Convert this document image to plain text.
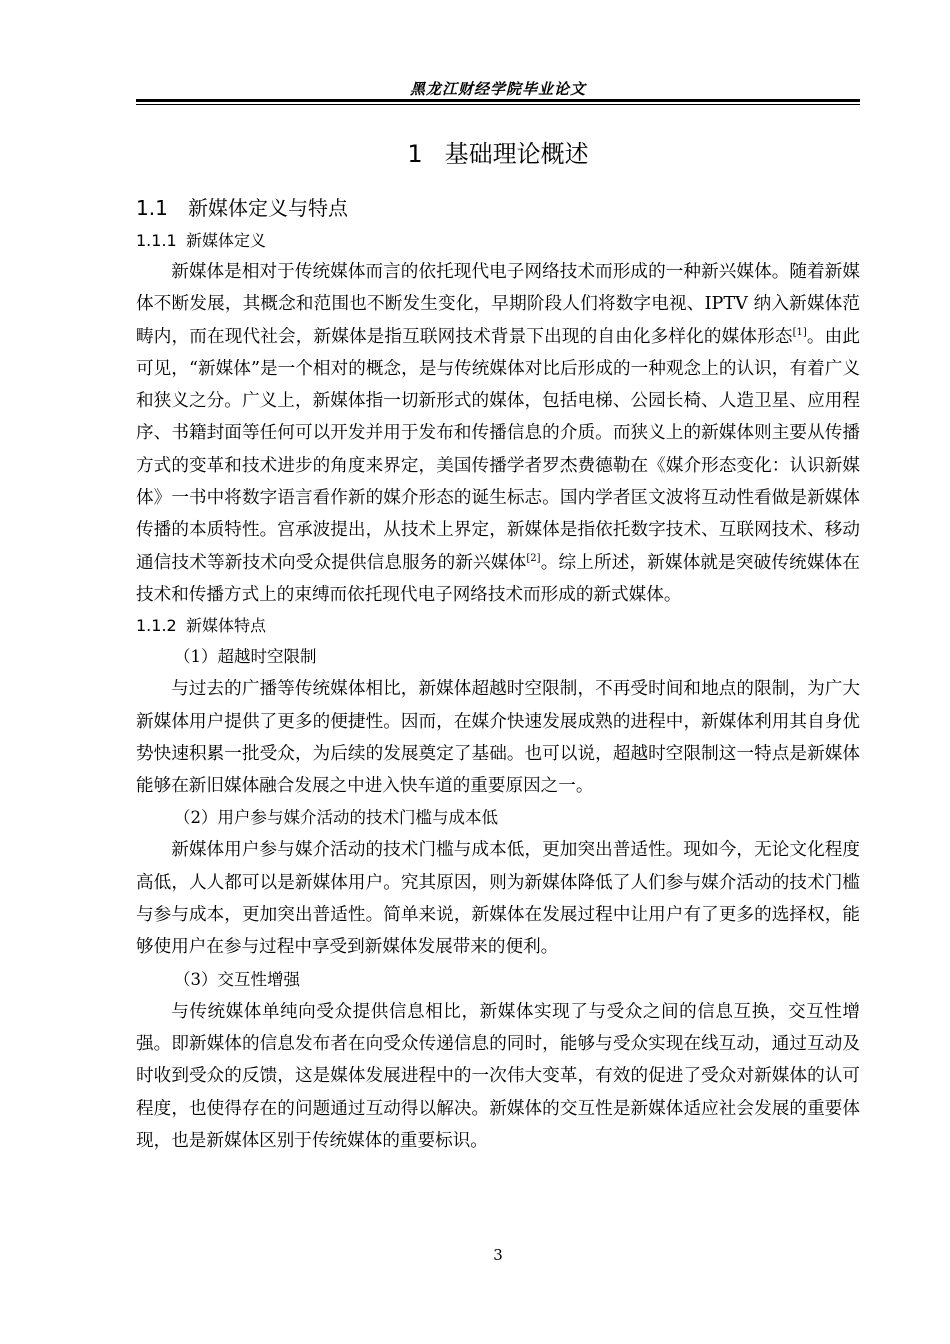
黑龙江财经学院毕业论文
1 基础理论概述
1.1 新媒体定义与特点
1.1.1 新媒体定义

新媒体是相对于传统媒体而言的依托现代电子网络技术而形成的一种新兴媒体。随着新媒体不断发展，其概念和范围也不断发生变化，早期阶段人们将数字电视、IPTV 纳入新媒体范畴内，而在现代社会，新媒体是指互联网技术背景下出现的自由化多样化的媒体形态[1]。由此可见，“新媒体”是一个相对的概念，是与传统媒体对比后形成的一种观念上的认识，有着广义和狭义之分。广义上，新媒体指一切新形式的媒体，包括电梯、公园长椅、人造卫星、应用程序、书籍封面等任何可以开发并用于发布和传播信息的介质。而狭义上的新媒体则主要从传播方式的变革和技术进步的角度来界定，美国传播学者罗杰费德勒在《媒介形态变化：认识新媒体》一书中将数字语言看作新的媒介形态的诞生标志。国内学者匡文波将互动性看做是新媒体传播的本质特性。宫承波提出，从技术上界定，新媒体是指依托数字技术、互联网技术、移动通信技术等新技术向受众提供信息服务的新兴媒体[2]。综上所述，新媒体就是突破传统媒体在技术和传播方式上的束缚而依托现代电子网络技术而形成的新式媒体。

1.1.2 新媒体特点
（1）超越时空限制

与过去的广播等传统媒体相比，新媒体超越时空限制，不再受时间和地点的限制，为广大新媒体用户提供了更多的便捷性。因而，在媒介快速发展成熟的进程中，新媒体利用其自身优势快速积累一批受众，为后续的发展奠定了基础。也可以说，超越时空限制这一特点是新媒体能够在新旧媒体融合发展之中进入快车道的重要原因之一。

（2）用户参与媒介活动的技术门槛与成本低

新媒体用户参与媒介活动的技术门槛与成本低，更加突出普适性。现如今，无论文化程度高低，人人都可以是新媒体用户。究其原因，则为新媒体降低了人们参与媒介活动的技术门槛与参与成本，更加突出普适性。简单来说，新媒体在发展过程中让用户有了更多的选择权，能够使用户在参与过程中享受到新媒体发展带来的便利。

（3）交互性增强

与传统媒体单纯向受众提供信息相比，新媒体实现了与受众之间的信息互换，交互性增强。即新媒体的信息发布者在向受众传递信息的同时，能够与受众实现在线互动，通过互动及时收到受众的反馈，这是媒体发展进程中的一次伟大变革，有效的促进了受众对新媒体的认可程度，也使得存在的问题通过互动得以解决。新媒体的交互性是新媒体适应社会发展的重要体现，也是新媒体区别于传统媒体的重要标识。

3
